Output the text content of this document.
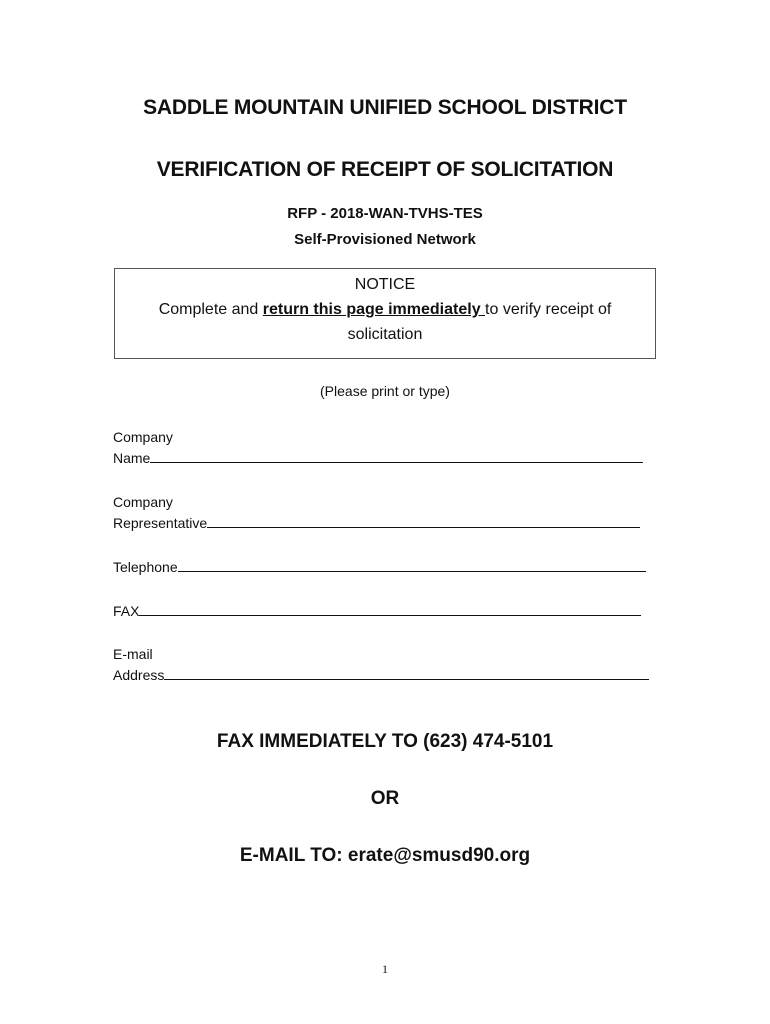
SADDLE MOUNTAIN UNIFIED SCHOOL DISTRICT
VERIFICATION OF RECEIPT OF SOLICITATION
RFP - 2018-WAN-TVHS-TES
Self-Provisioned Network
NOTICE
Complete and return this page immediately to verify receipt of
solicitation
(Please print or type)
Company
Name
Company
Representative
Telephone
FAX
E-mail
Address
FAX IMMEDIATELY TO (623) 474-5101
OR
E-MAIL TO: erate@smusd90.org
1
